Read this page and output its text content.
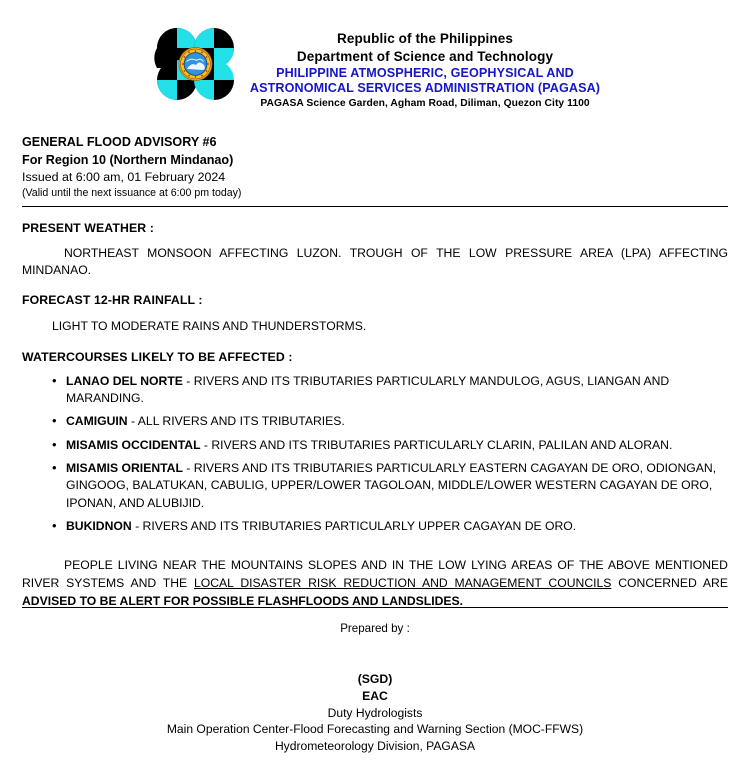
Republic of the Philippines
Department of Science and Technology
PHILIPPINE ATMOSPHERIC, GEOPHYSICAL AND
ASTRONOMICAL SERVICES ADMINISTRATION (PAGASA)
PAGASA Science Garden, Agham Road, Diliman, Quezon City 1100
GENERAL FLOOD ADVISORY #6
For Region 10 (Northern Mindanao)
Issued at 6:00 am, 01 February 2024
(Valid until the next issuance at 6:00 pm today)
PRESENT WEATHER :

NORTHEAST MONSOON AFFECTING LUZON. TROUGH OF THE LOW PRESSURE AREA (LPA) AFFECTING MINDANAO.

FORECAST 12-HR RAINFALL :

LIGHT TO MODERATE RAINS AND THUNDERSTORMS.

WATERCOURSES LIKELY TO BE AFFECTED :
• LANAO DEL NORTE - RIVERS AND ITS TRIBUTARIES PARTICULARLY MANDULOG, AGUS, LIANGAN AND MARANDING.
• CAMIGUIN - ALL RIVERS AND ITS TRIBUTARIES.
• MISAMIS OCCIDENTAL - RIVERS AND ITS TRIBUTARIES PARTICULARLY CLARIN, PALILAN AND ALORAN.
• MISAMIS ORIENTAL - RIVERS AND ITS TRIBUTARIES PARTICULARLY EASTERN CAGAYAN DE ORO, ODIONGAN, GINGOOG, BALATUKAN, CABULIG, UPPER/LOWER TAGOLOAN, MIDDLE/LOWER WESTERN CAGAYAN DE ORO, IPONAN, AND ALUBIJID.
• BUKIDNON - RIVERS AND ITS TRIBUTARIES PARTICULARLY UPPER CAGAYAN DE ORO.

PEOPLE LIVING NEAR THE MOUNTAINS SLOPES AND IN THE LOW LYING AREAS OF THE ABOVE MENTIONED RIVER SYSTEMS AND THE LOCAL DISASTER RISK REDUCTION AND MANAGEMENT COUNCILS CONCERNED ARE ADVISED TO BE ALERT FOR POSSIBLE FLASHFLOODS AND LANDSLIDES.

Prepared by :
(SGD)
EAC
Duty Hydrologists
Main Operation Center-Flood Forecasting and Warning Section (MOC-FFWS)
Hydrometeorology Division, PAGASA
